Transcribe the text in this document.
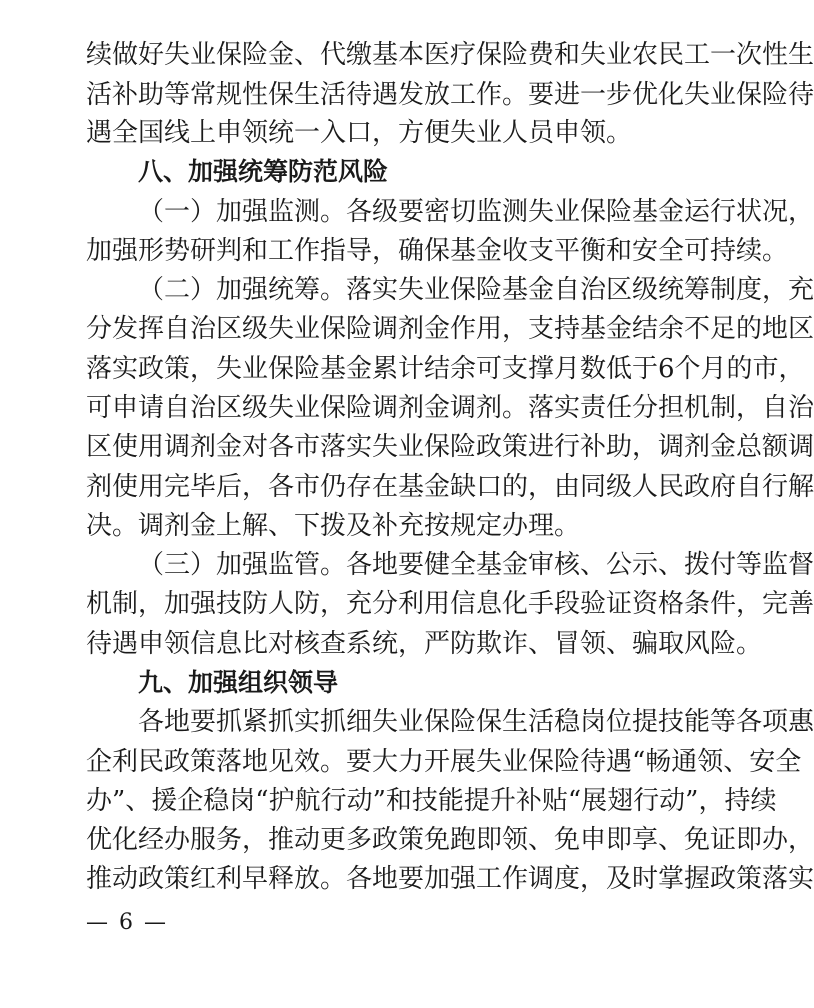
续做好失业保险金、代缴基本医疗保险费和失业农民工一次性生
活补助等常规性保生活待遇发放工作。要进一步优化失业保险待
遇全国线上申领统一入口，方便失业人员申领。
八、加强统筹防范风险
（一）加强监测。各级要密切监测失业保险基金运行状况，
加强形势研判和工作指导，确保基金收支平衡和安全可持续。
（二）加强统筹。落实失业保险基金自治区级统筹制度，充
分发挥自治区级失业保险调剂金作用，支持基金结余不足的地区
落实政策，失业保险基金累计结余可支撑月数低于6个月的市，
可申请自治区级失业保险调剂金调剂。落实责任分担机制，自治
区使用调剂金对各市落实失业保险政策进行补助，调剂金总额调
剂使用完毕后，各市仍存在基金缺口的，由同级人民政府自行解
决。调剂金上解、下拨及补充按规定办理。
（三）加强监管。各地要健全基金审核、公示、拨付等监督
机制，加强技防人防，充分利用信息化手段验证资格条件，完善
待遇申领信息比对核查系统，严防欺诈、冒领、骗取风险。
九、加强组织领导
各地要抓紧抓实抓细失业保险保生活稳岗位提技能等各项惠
企利民政策落地见效。要大力开展失业保险待遇“畅通领、安全
办”、援企稳岗“护航行动”和技能提升补贴“展翅行动”，持续
优化经办服务，推动更多政策免跑即领、免申即享、免证即办，
推动政策红利早释放。各地要加强工作调度，及时掌握政策落实
— 6 —
